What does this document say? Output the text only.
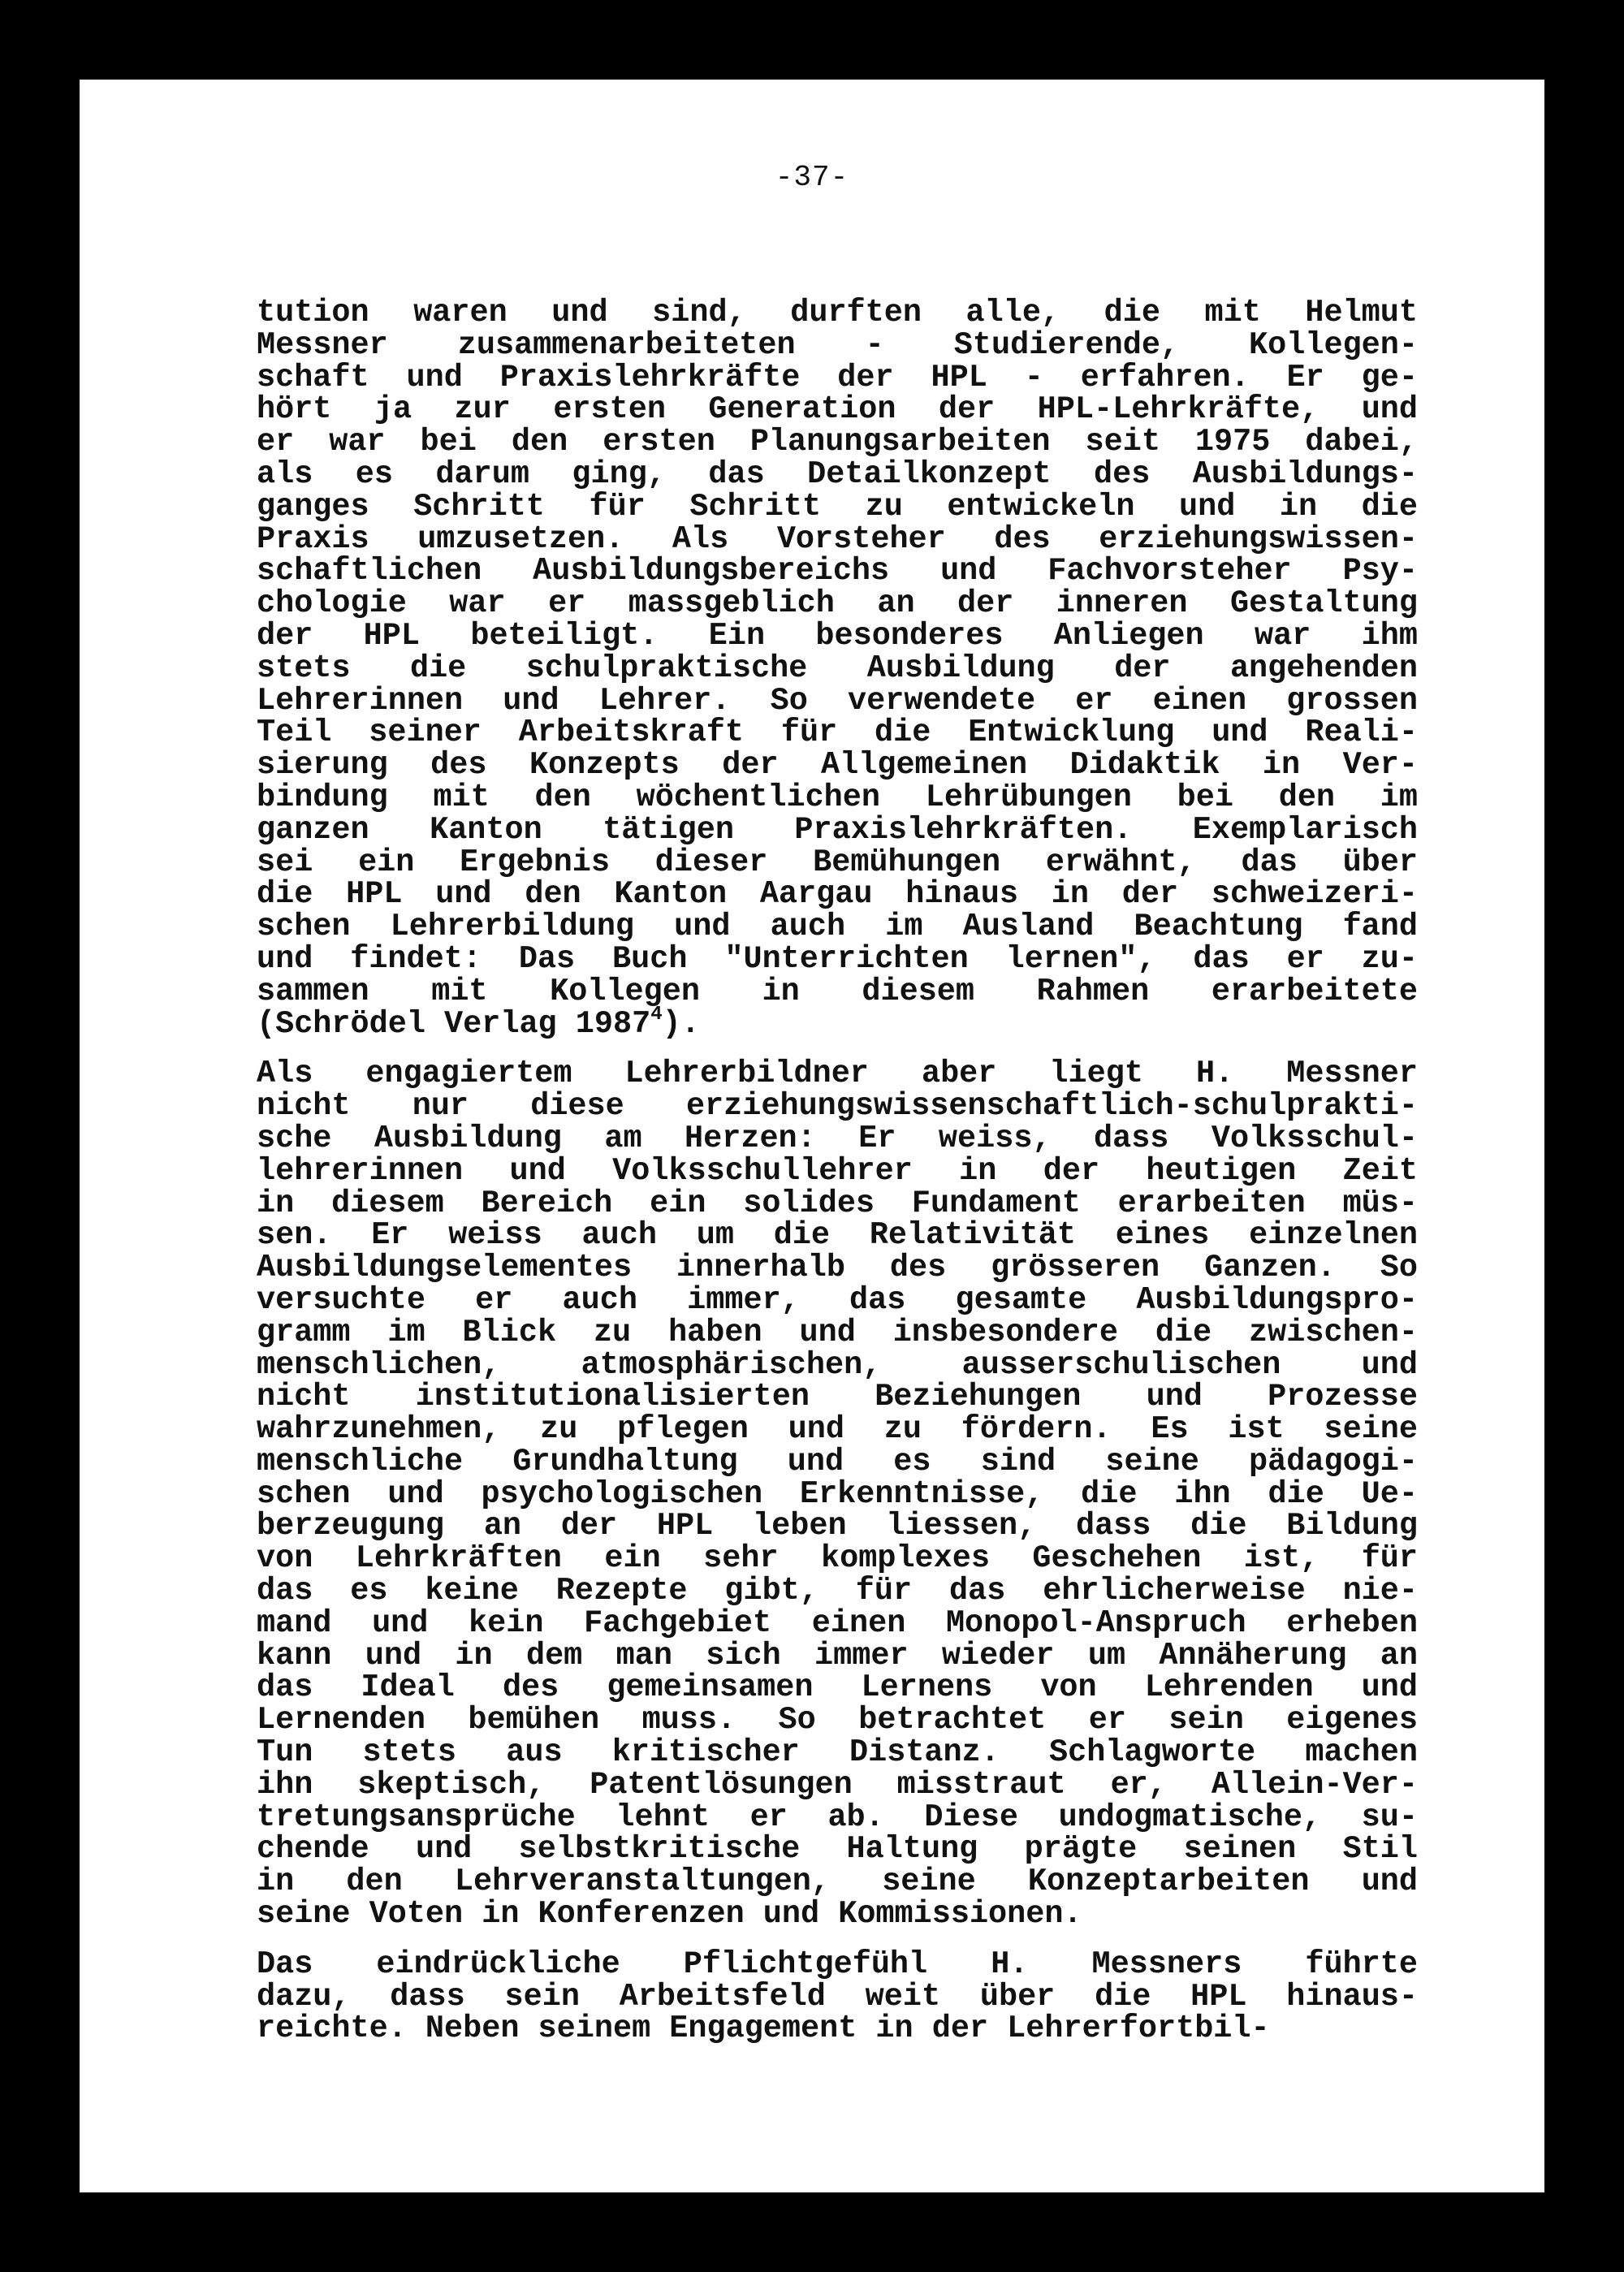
-37-
tution waren und sind, durften alle, die mit Helmut
Messner zusammenarbeiteten - Studierende, Kollegen-
schaft und Praxislehrkräfte der HPL - erfahren. Er ge-
hört ja zur ersten Generation der HPL-Lehrkräfte, und
er war bei den ersten Planungsarbeiten seit 1975 dabei,
als es darum ging, das Detailkonzept des Ausbildungs-
ganges Schritt für Schritt zu entwickeln und in die
Praxis umzusetzen. Als Vorsteher des erziehungswissen-
schaftlichen Ausbildungsbereichs und Fachvorsteher Psy-
chologie war er massgeblich an der inneren Gestaltung
der HPL beteiligt. Ein besonderes Anliegen war ihm
stets die schulpraktische Ausbildung der angehenden
Lehrerinnen und Lehrer. So verwendete er einen grossen
Teil seiner Arbeitskraft für die Entwicklung und Reali-
sierung des Konzepts der Allgemeinen Didaktik in Ver-
bindung mit den wöchentlichen Lehrübungen bei den im
ganzen Kanton tätigen Praxislehrkräften. Exemplarisch
sei ein Ergebnis dieser Bemühungen erwähnt, das über
die HPL und den Kanton Aargau hinaus in der schweizeri-
schen Lehrerbildung und auch im Ausland Beachtung fand
und findet: Das Buch "Unterrichten lernen", das er zu-
sammen mit Kollegen in diesem Rahmen erarbeitete
(Schrödel Verlag 1987$^4$).
Als engagiertem Lehrerbildner aber liegt H. Messner
nicht nur diese erziehungswissenschaftlich-schulprakti-
sche Ausbildung am Herzen: Er weiss, dass Volksschul-
lehrerinnen und Volksschullehrer in der heutigen Zeit
in diesem Bereich ein solides Fundament erarbeiten müs-
sen. Er weiss auch um die Relativität eines einzelnen
Ausbildungselementes innerhalb des grösseren Ganzen. So
versuchte er auch immer, das gesamte Ausbildungspro-
gramm im Blick zu haben und insbesondere die zwischen-
menschlichen, atmosphärischen, ausserschulischen und
nicht institutionalisierten Beziehungen und Prozesse
wahrzunehmen, zu pflegen und zu fördern. Es ist seine
menschliche Grundhaltung und es sind seine pädagogi-
schen und psychologischen Erkenntnisse, die ihn die Ue-
berzeugung an der HPL leben liessen, dass die Bildung
von Lehrkräften ein sehr komplexes Geschehen ist, für
das es keine Rezepte gibt, für das ehrlicherweise nie-
mand und kein Fachgebiet einen Monopol-Anspruch erheben
kann und in dem man sich immer wieder um Annäherung an
das Ideal des gemeinsamen Lernens von Lehrenden und
Lernenden bemühen muss. So betrachtet er sein eigenes
Tun stets aus kritischer Distanz. Schlagworte machen
ihn skeptisch, Patentlösungen misstraut er, Allein-Ver-
tretungsansprüche lehnt er ab. Diese undogmatische, su-
chende und selbstkritische Haltung prägte seinen Stil
in den Lehrveranstaltungen, seine Konzeptarbeiten und
seine Voten in Konferenzen und Kommissionen.
Das eindrückliche Pflichtgefühl H. Messners führte
dazu, dass sein Arbeitsfeld weit über die HPL hinaus-
reichte. Neben seinem Engagement in der Lehrerfortbil-
